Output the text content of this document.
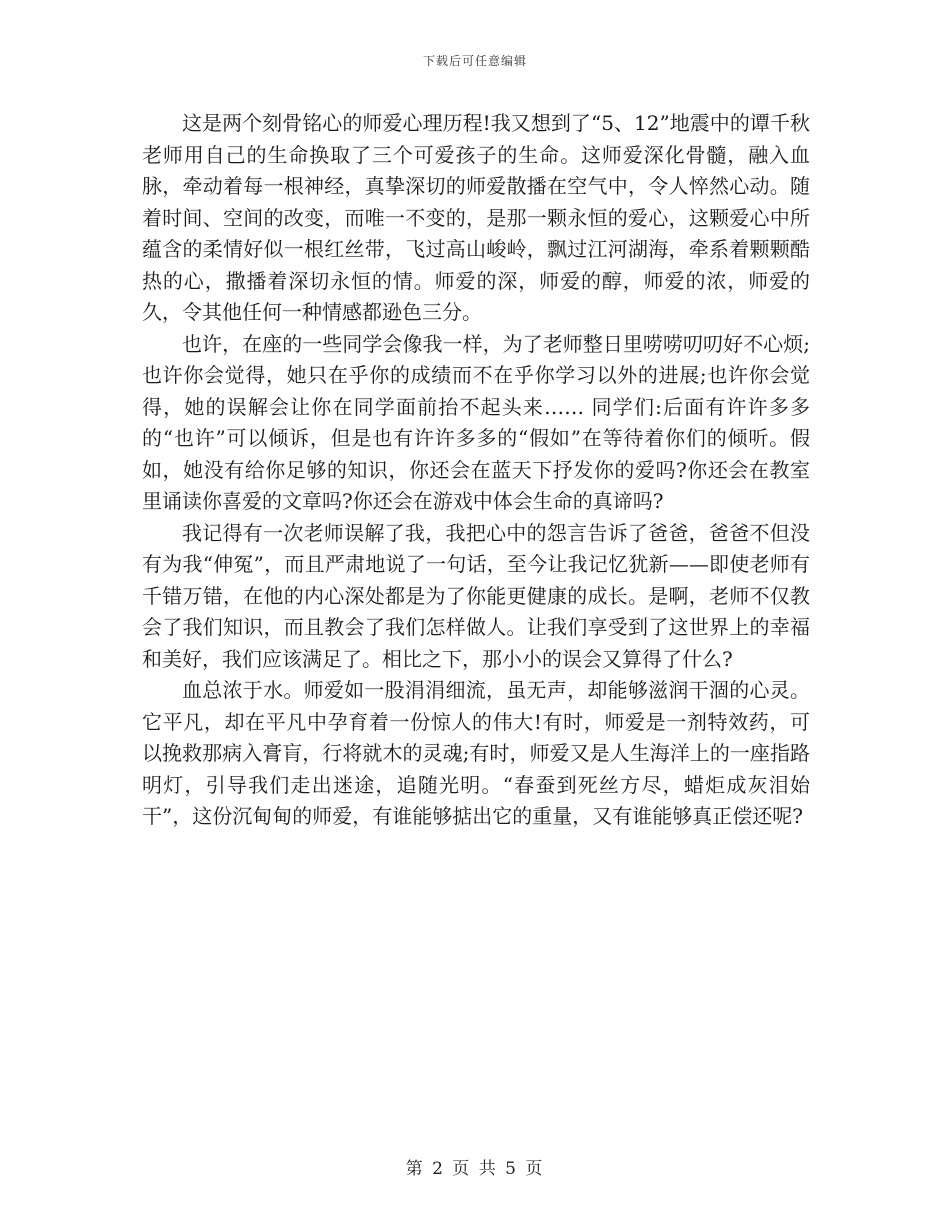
下载后可任意编辑

这是两个刻骨铭心的师爱心理历程!我又想到了“5、12”地震中的谭千秋老师用自己的生命换取了三个可爱孩子的生命。这师爱深化骨髓，融入血脉，牵动着每一根神经，真挚深切的师爱散播在空气中，令人悴然心动。随着时间、空间的改变，而唯一不变的，是那一颗永恒的爱心，这颗爱心中所蕴含的柔情好似一根红丝带，飞过高山峻岭，飘过江河湖海，牵系着颗颗酷热的心，撒播着深切永恒的情。师爱的深，师爱的醇，师爱的浓，师爱的久，令其他任何一种情感都逊色三分。

也许，在座的一些同学会像我一样，为了老师整日里唠唠叨叨好不心烦;也许你会觉得，她只在乎你的成绩而不在乎你学习以外的进展;也许你会觉得，她的误解会让你在同学面前抬不起头来…… 同学们:后面有许许多多的“也许”可以倾诉，但是也有许许多多的“假如”在等待着你们的倾听。假如，她没有给你足够的知识，你还会在蓝天下抒发你的爱吗?你还会在教室里诵读你喜爱的文章吗?你还会在游戏中体会生命的真谛吗?

我记得有一次老师误解了我，我把心中的怨言告诉了爸爸，爸爸不但没有为我“伸冤”，而且严肃地说了一句话，至今让我记忆犹新——即使老师有千错万错，在他的内心深处都是为了你能更健康的成长。是啊，老师不仅教会了我们知识，而且教会了我们怎样做人。让我们享受到了这世界上的幸福和美好，我们应该满足了。相比之下，那小小的误会又算得了什么?

血总浓于水。师爱如一股涓涓细流，虽无声，却能够滋润干涸的心灵。它平凡，却在平凡中孕育着一份惊人的伟大!有时，师爱是一剂特效药，可以挽救那病入膏肓，行将就木的灵魂;有时，师爱又是人生海洋上的一座指路明灯，引导我们走出迷途，追随光明。“春蚕到死丝方尽，蜡炬成灰泪始干”，这份沉甸甸的师爱，有谁能够掂出它的重量，又有谁能够真正偿还呢?

第 2 页 共 5 页
